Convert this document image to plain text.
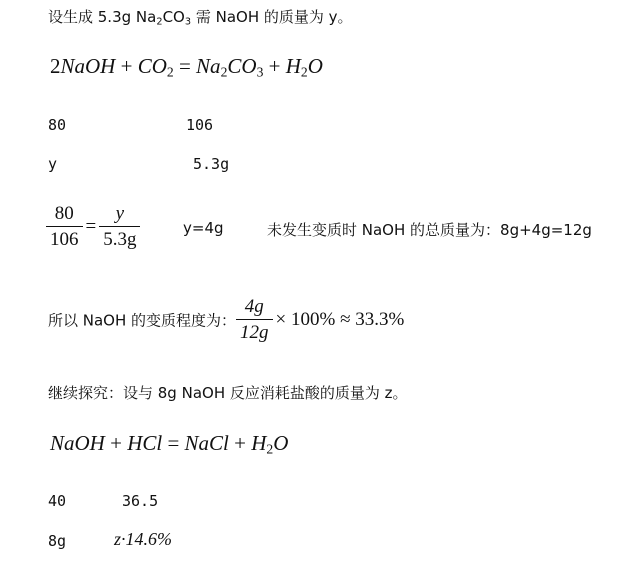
设生成 5.3g $Na_2CO_3$ 需 NaOH 的质量为 y。
2NaOH + $CO_2 = Na_2CO_3 + H_2O$
80	106
y	5.3g
$\frac{80}{106} = \frac{y}{5.3g}$	y=4g	未发生变质时 NaOH 的总质量为：8g+4g=12g
所以 NaOH 的变质程度为： $\frac{4g}{12g} \times 100\% \approx 33.3\%$
继续探究：设与 8g NaOH 反应消耗盐酸的质量为 z。
NaOH + HCl = NaCl + $H_2O$
40	36.5
8g	z·14.6%
